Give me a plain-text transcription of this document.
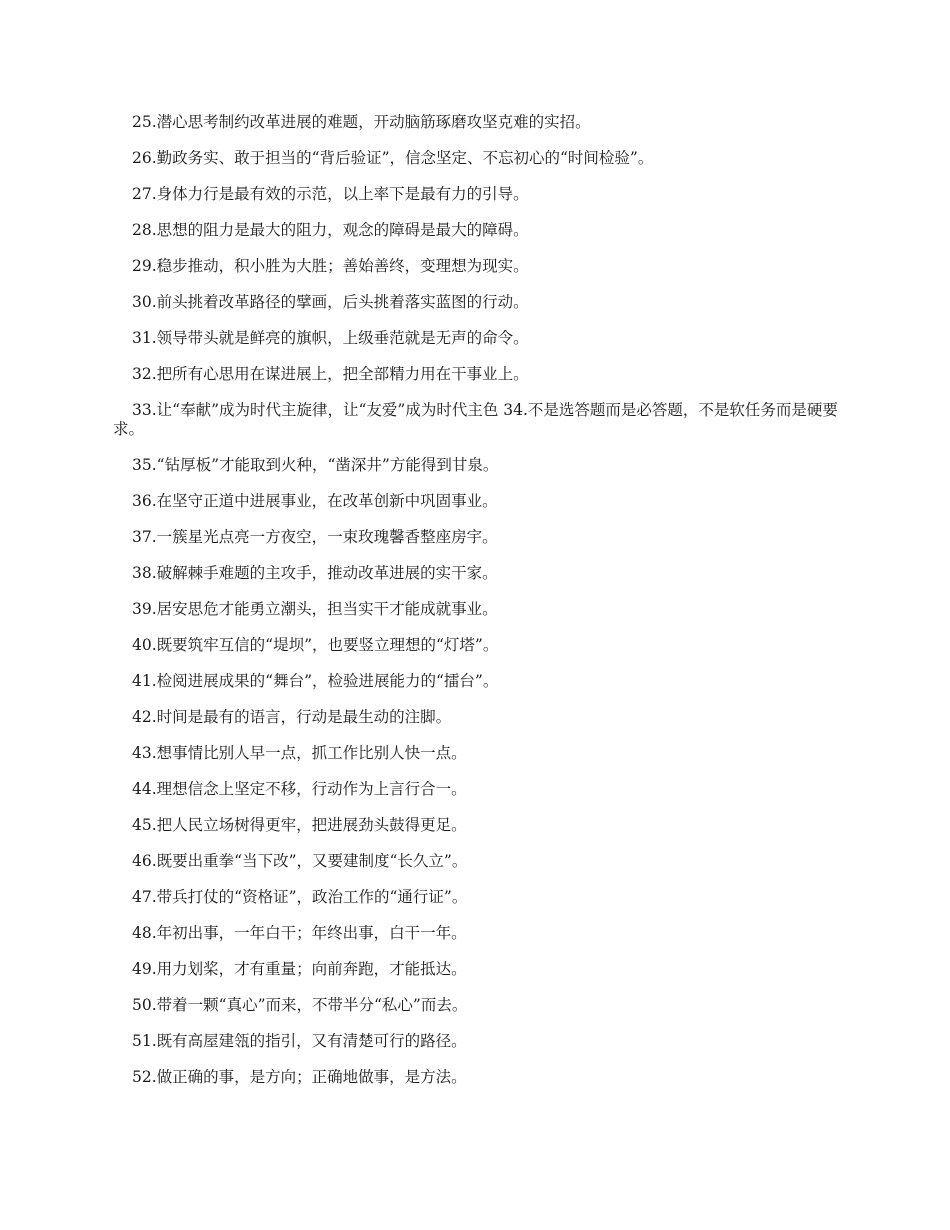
25.潜心思考制约改革进展的难题，开动脑筋琢磨攻坚克难的实招。

26.勤政务实、敢于担当的“背后验证”，信念坚定、不忘初心的“时间检验”。

27.身体力行是最有效的示范，以上率下是最有力的引导。

28.思想的阻力是最大的阻力，观念的障碍是最大的障碍。

29.稳步推动，积小胜为大胜；善始善终，变理想为现实。

30.前头挑着改革路径的擘画，后头挑着落实蓝图的行动。

31.领导带头就是鲜亮的旗帜，上级垂范就是无声的命令。

32.把所有心思用在谋进展上，把全部精力用在干事业上。

33.让“奉献”成为时代主旋律，让“友爱”成为时代主色 34.不是选答题而是必答题，不是软任务而是硬要求。

35.“钻厚板”才能取到火种，“凿深井”方能得到甘泉。

36.在坚守正道中进展事业，在改革创新中巩固事业。

37.一簇星光点亮一方夜空，一束玫瑰馨香整座房宇。

38.破解棘手难题的主攻手，推动改革进展的实干家。

39.居安思危才能勇立潮头，担当实干才能成就事业。

40.既要筑牢互信的“堤坝”，也要竖立理想的“灯塔”。

41.检阅进展成果的“舞台”，检验进展能力的“擂台”。

42.时间是最有的语言，行动是最生动的注脚。

43.想事情比别人早一点，抓工作比别人快一点。

44.理想信念上坚定不移，行动作为上言行合一。

45.把人民立场树得更牢，把进展劲头鼓得更足。

46.既要出重拳“当下改”，又要建制度“长久立”。

47.带兵打仗的“资格证”，政治工作的“通行证”。

48.年初出事，一年白干；年终出事，白干一年。

49.用力划桨，才有重量；向前奔跑，才能抵达。

50.带着一颗“真心”而来，不带半分“私心”而去。

51.既有高屋建瓴的指引，又有清楚可行的路径。

52.做正确的事，是方向；正确地做事，是方法。
